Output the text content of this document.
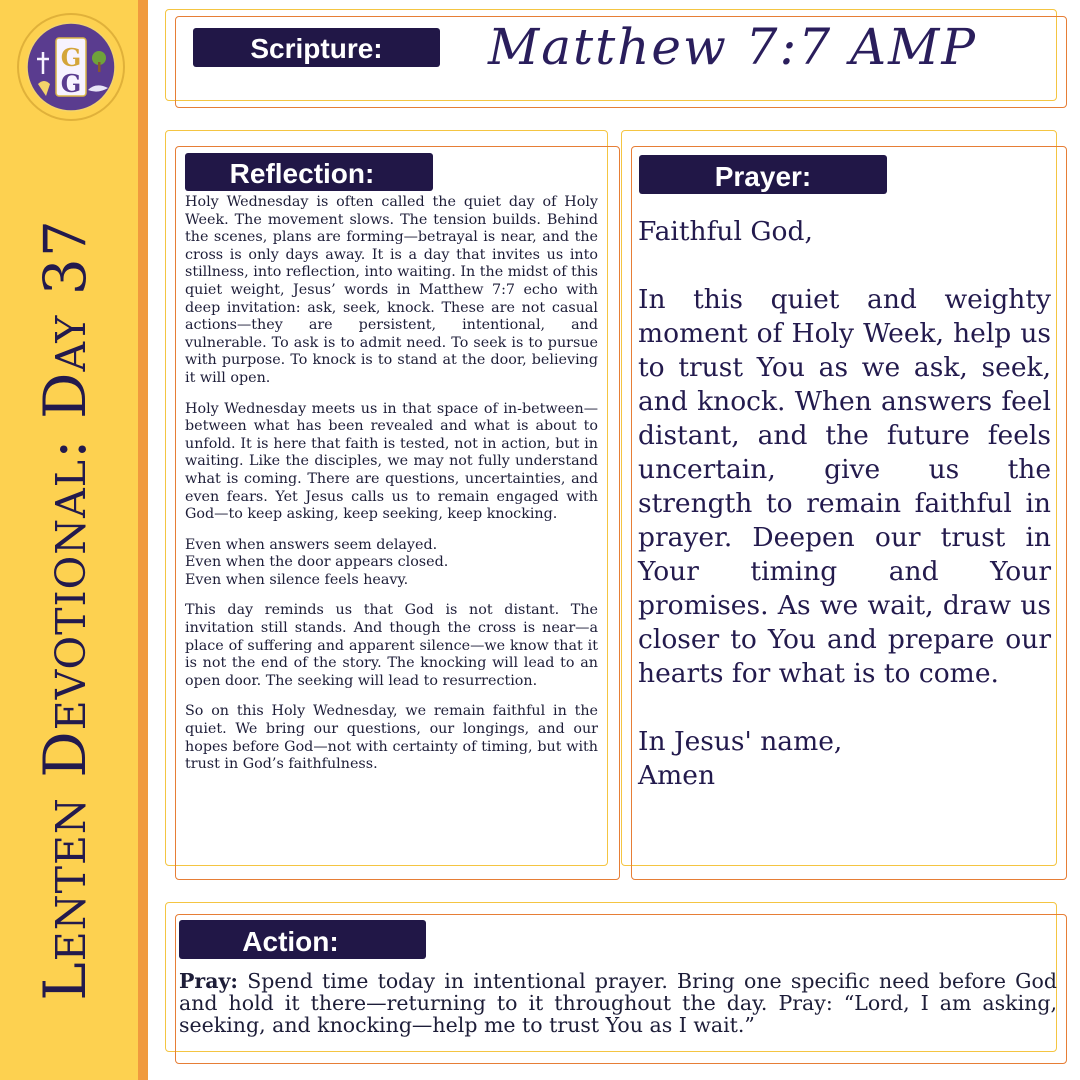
Lenten Devotional: Day 37
G
G
Scripture:	Matthew 7:7 AMP
Reflection:

Holy Wednesday is often called the quiet day of Holy Week. The movement slows. The tension builds. Behind the scenes, plans are forming—betrayal is near, and the cross is only days away. It is a day that invites us into stillness, into reflection, into waiting. In the midst of this quiet weight, Jesus’ words in Matthew 7:7 echo with deep invitation: ask, seek, knock. These are not casual actions—they are persistent, intentional, and vulnerable. To ask is to admit need. To seek is to pursue with purpose. To knock is to stand at the door, believing it will open.

Holy Wednesday meets us in that space of in-between—between what has been revealed and what is about to unfold. It is here that faith is tested, not in action, but in waiting. Like the disciples, we may not fully understand what is coming. There are questions, uncertainties, and even fears. Yet Jesus calls us to remain engaged with God—to keep asking, keep seeking, keep knocking.

Even when answers seem delayed.
Even when the door appears closed.
Even when silence feels heavy.

This day reminds us that God is not distant. The invitation still stands. And though the cross is near—a place of suffering and apparent silence—we know that it is not the end of the story. The knocking will lead to an open door. The seeking will lead to resurrection.

So on this Holy Wednesday, we remain faithful in the quiet. We bring our questions, our longings, and our hopes before God—not with certainty of timing, but with trust in God’s faithfulness.

Prayer:

Faithful God,

In this quiet and weighty moment of Holy Week, help us to trust You as we ask, seek, and knock. When answers feel distant, and the future feels uncertain, give us the strength to remain faithful in prayer. Deepen our trust in Your timing and Your promises. As we wait, draw us closer to You and prepare our hearts for what is to come.

In Jesus' name,
Amen

Action:
Pray: Spend time today in intentional prayer. Bring one specific need before God and hold it there—returning to it throughout the day. Pray: “Lord, I am asking, seeking, and knocking—help me to trust You as I wait.”
